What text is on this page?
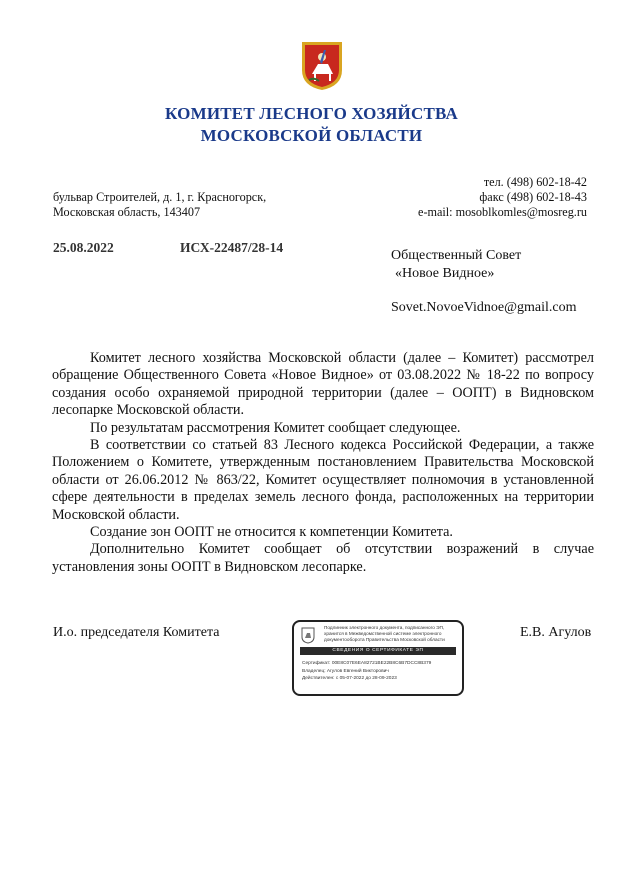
КОМИТЕТ ЛЕСНОГО ХОЗЯЙСТВА
МОСКОВСКОЙ ОБЛАСТИ
тел. (498) 602-18-42
факс (498) 602-18-43
e-mail: mosoblkomles@mosreg.ru
бульвар Строителей, д. 1, г. Красногорск,
Московская область, 143407
25.08.2022	ИСХ-22487/28-14
Общественный Совет
«Новое Видное»
Sovet.NovoeVidnoe@gmail.com

Комитет лесного хозяйства Московской области (далее – Комитет) рассмотрел обращение Общественного Совета «Новое Видное» от 03.08.2022 № 18-22 по вопросу создания особо охраняемой природной территории (далее – ООПТ) в Видновском лесопарке Московской области.

По результатам рассмотрения Комитет сообщает следующее.

В соответствии со статьей 83 Лесного кодекса Российской Федерации, а также Положением о Комитете, утвержденным постановлением Правительства Московской области от 26.06.2012 № 863/22, Комитет осуществляет полномочия в установленной сфере деятельности в пределах земель лесного фонда, расположенных на территории Московской области.

Создание зон ООПТ не относится к компетенции Комитета.

Дополнительно Комитет сообщает об отсутствии возражений в случае установления зоны ООПТ в Видновском лесопарке.

И.о. председателя Комитета	Е.В. Агулов
Подлинник электронного документа, подписанного ЭП,
хранится в Межведомственной системе электронного
документооборота Правительства Московской области
СВЕДЕНИЯ О СЕРТИФИКАТЕ ЭП
Сертификат: 00E8C07E6EA82721BE22B8C6B7DCC8B379
Владелец: Агулов Евгений Викторович
Действителен: с 05-07-2022 до 28-09-2023
